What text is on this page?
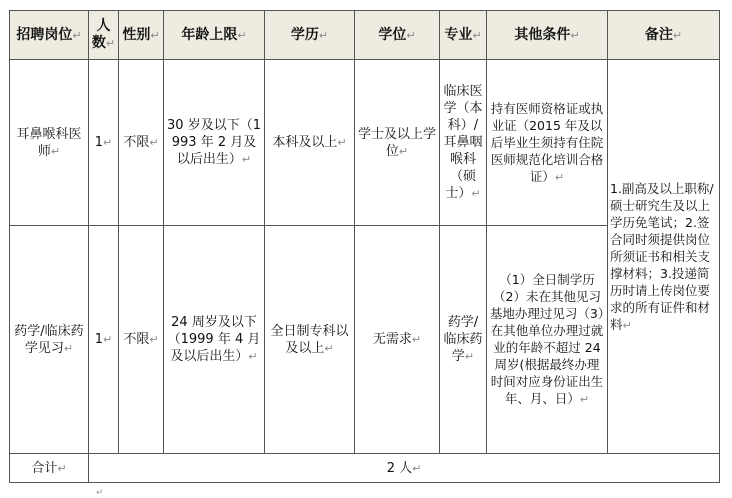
招聘岗位↵	人数↵	性别↵	年龄上限↵	学历↵	学位↵	专业↵	其他条件↵	备注↵
耳鼻喉科医师↵	1↵	不限↵	30 岁及以下（1993 年 2 月及以后出生）↵	本科及以上↵	学士及以上学位↵	临床医学（本科）/耳鼻咽喉科（硕士）↵	持有医师资格证或执业证（2015 年及以后毕业生须持有住院医师规范化培训合格证）↵	1.副高及以上职称/硕士研究生及以上学历免笔试；2.签合同时须提供岗位所须证书和相关支撑材料；3.投递简历时请上传岗位要求的所有证件和材料↵
药学/临床药学见习↵	1↵	不限↵	24 周岁及以下（1999 年 4 月及以后出生）↵	全日制专科以及以上↵	无需求↵	药学/临床药学↵	（1）全日制学历（2）未在其他见习基地办理过见习（3）在其他单位办理过就业的年龄不超过 24 周岁(根据最终办理时间对应身份证出生年、月、日）↵	
合计↵	2 人↵							
↵
